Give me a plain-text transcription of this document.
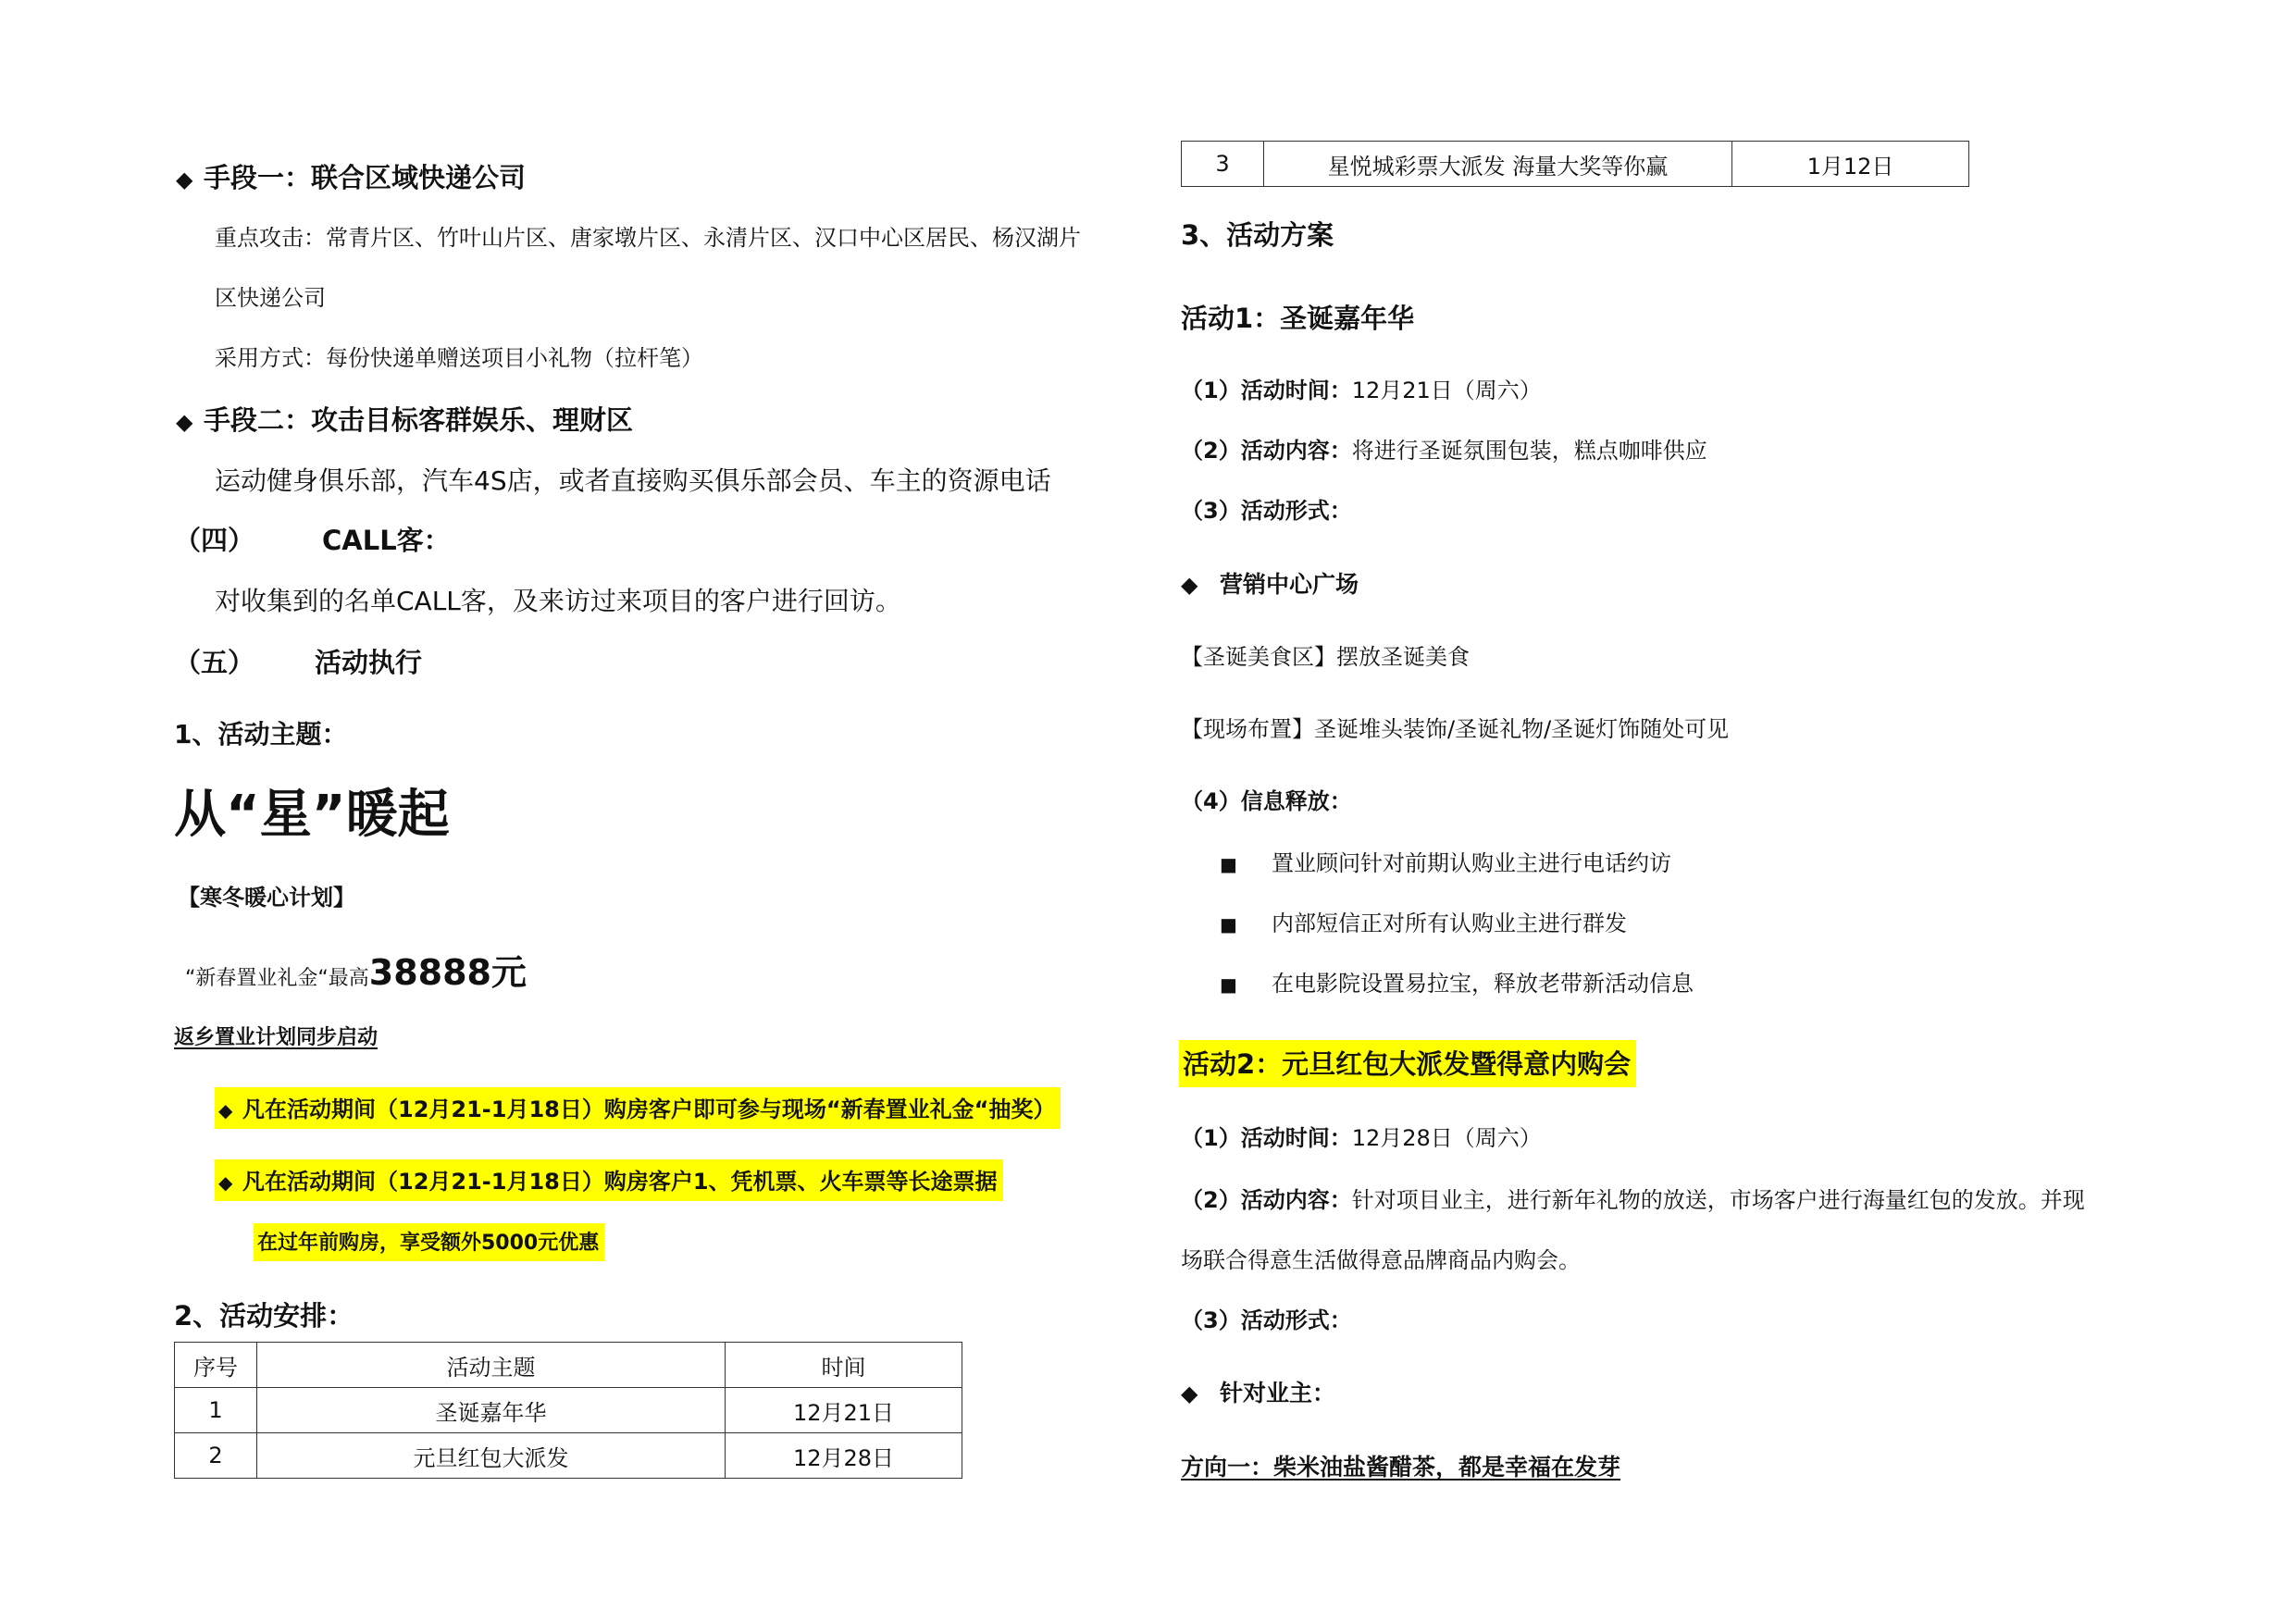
◆ 手段一：联合区域快递公司
重点攻击：常青片区、竹叶山片区、唐家墩片区、永清片区、汉口中心区居民、杨汉湖片
区快递公司
采用方式：每份快递单赠送项目小礼物（拉杆笔）
◆ 手段二：攻击目标客群娱乐、理财区
运动健身俱乐部，汽车4S店，或者直接购买俱乐部会员、车主的资源电话
（四）	CALL客：
对收集到的名单CALL客，及来访过来项目的客户进行回访。
（五） 活动执行
1、活动主题：
从“星”暖起
【寒冬暖心计划】
“新春置业礼金“最高38888元
返乡置业计划同步启动
◆ 凡在活动期间（12月21-1月18日）购房客户即可参与现场“新春置业礼金“抽奖）
◆ 凡在活动期间（12月21-1月18日）购房客户1、凭机票、火车票等长途票据
在过年前购房，享受额外5000元优惠
2、活动安排：
序号	活动主题	时间
1	圣诞嘉年华	12月21日
2	元旦红包大派发	12月28日
3	星悦城彩票大派发 海量大奖等你赢	1月12日
3、活动方案
活动1：圣诞嘉年华
（1）活动时间：12月21日（周六）
（2）活动内容：将进行圣诞氛围包装，糕点咖啡供应
（3）活动形式：
◆ 营销中心广场
【圣诞美食区】摆放圣诞美食
【现场布置】圣诞堆头装饰/圣诞礼物/圣诞灯饰随处可见
（4）信息释放：
■ 置业顾问针对前期认购业主进行电话约访
■ 内部短信正对所有认购业主进行群发
■ 在电影院设置易拉宝，释放老带新活动信息
活动2：元旦红包大派发暨得意内购会
（1）活动时间：12月28日（周六）
（2）活动内容：针对项目业主，进行新年礼物的放送，市场客户进行海量红包的发放。并现
场联合得意生活做得意品牌商品内购会。
（3）活动形式：
◆ 针对业主：
方向一：柴米油盐酱醋茶，都是幸福在发芽
